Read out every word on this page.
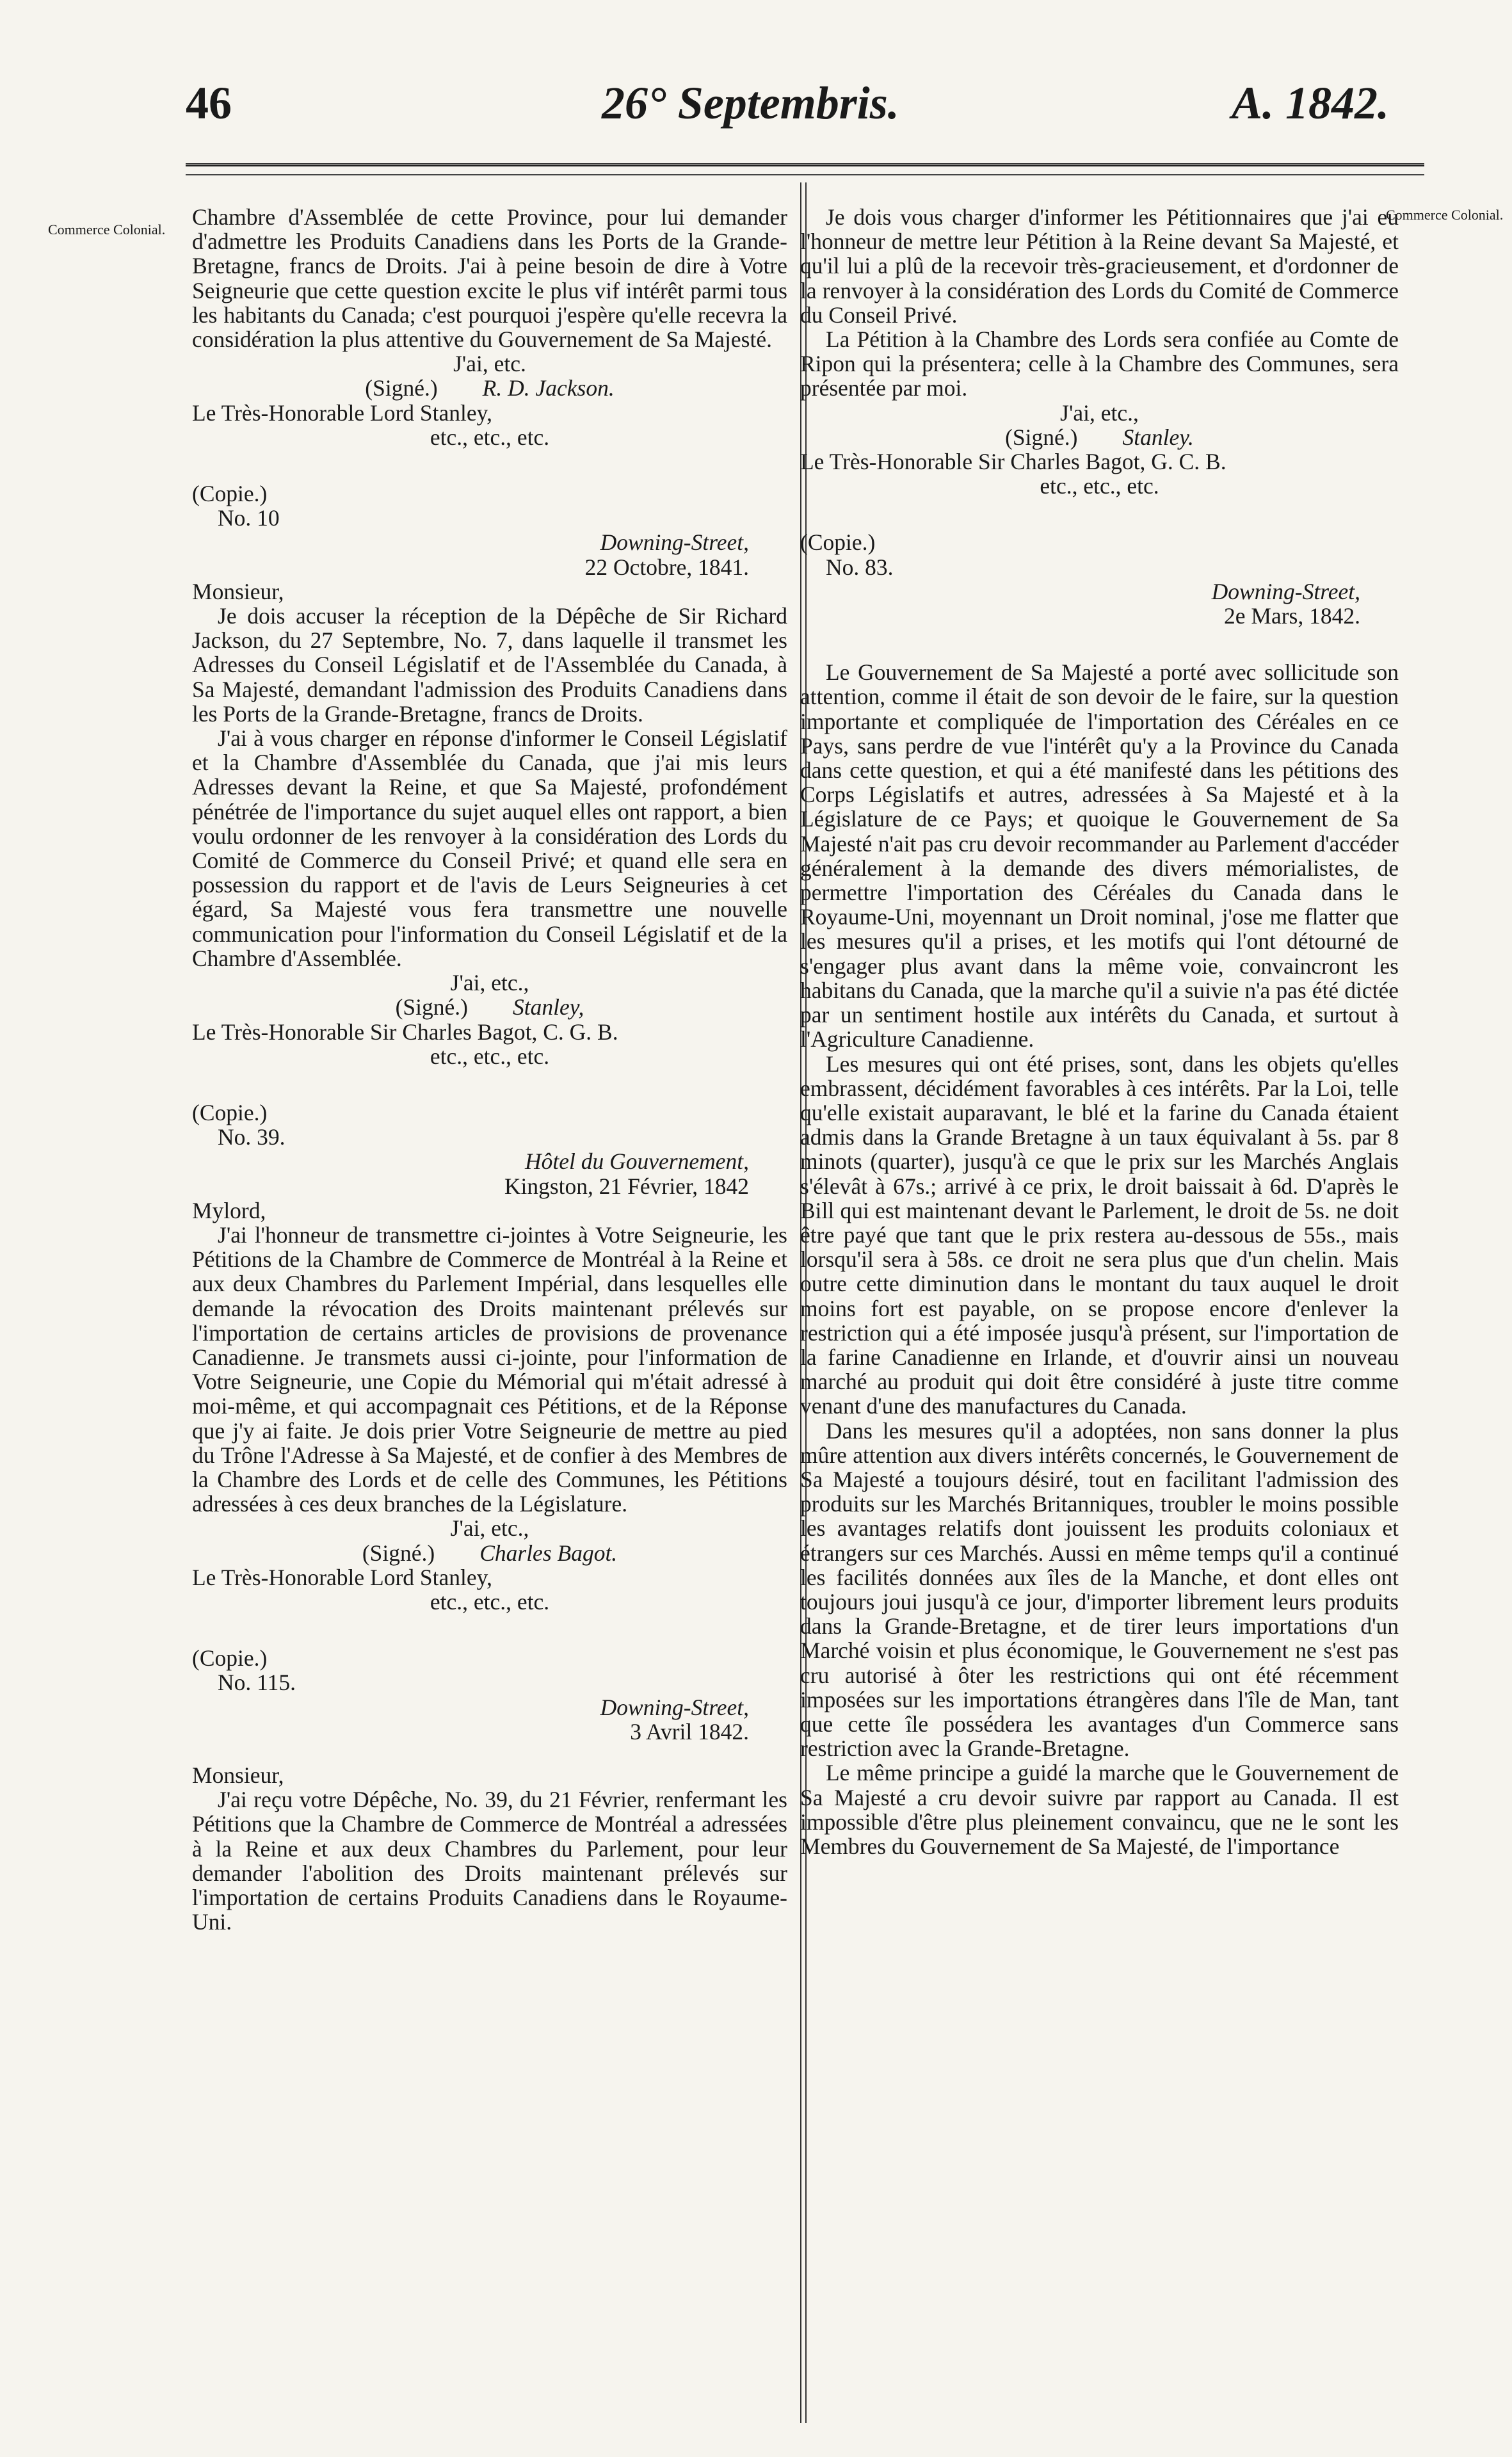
46	26° Septembris.	A. 1842.
Commerce Colonial.
Commerce Colonial.

Chambre d'Assemblée de cette Province, pour lui demander d'admettre les Produits Canadiens dans les Ports de la Grande-Bretagne, francs de Droits. J'ai à peine besoin de dire à Votre Seigneurie que cette question excite le plus vif intérêt parmi tous les habitants du Canada; c'est pourquoi j'espère qu'elle recevra la considération la plus attentive du Gouvernement de Sa Majesté.

J'ai, etc.

(Signé.) R. D. Jackson.

Le Très-Honorable Lord Stanley,

etc., etc., etc.

(Copie.)

No. 10

Downing-Street,

22 Octobre, 1841.

Monsieur,

Je dois accuser la réception de la Dépêche de Sir Richard Jackson, du 27 Septembre, No. 7, dans laquelle il transmet les Adresses du Conseil Législatif et de l'Assemblée du Canada, à Sa Majesté, demandant l'admission des Produits Canadiens dans les Ports de la Grande-Bretagne, francs de Droits.

J'ai à vous charger en réponse d'informer le Conseil Législatif et la Chambre d'Assemblée du Canada, que j'ai mis leurs Adresses devant la Reine, et que Sa Majesté, profondément pénétrée de l'importance du sujet auquel elles ont rapport, a bien voulu ordonner de les renvoyer à la considération des Lords du Comité de Commerce du Conseil Privé; et quand elle sera en possession du rapport et de l'avis de Leurs Seigneuries à cet égard, Sa Majesté vous fera transmettre une nouvelle communication pour l'information du Conseil Législatif et de la Chambre d'Assemblée.

J'ai, etc.,

(Signé.) Stanley,

Le Très-Honorable Sir Charles Bagot, C. G. B.

etc., etc., etc.

(Copie.)

No. 39.

Hôtel du Gouvernement,

Kingston, 21 Février, 1842

Mylord,

J'ai l'honneur de transmettre ci-jointes à Votre Seigneurie, les Pétitions de la Chambre de Commerce de Montréal à la Reine et aux deux Chambres du Parlement Impérial, dans lesquelles elle demande la révocation des Droits maintenant prélevés sur l'importation de certains articles de provisions de provenance Canadienne. Je transmets aussi ci-jointe, pour l'information de Votre Seigneurie, une Copie du Mémorial qui m'était adressé à moi-même, et qui accompagnait ces Pétitions, et de la Réponse que j'y ai faite. Je dois prier Votre Seigneurie de mettre au pied du Trône l'Adresse à Sa Majesté, et de confier à des Membres de la Chambre des Lords et de celle des Communes, les Pétitions adressées à ces deux branches de la Législature.

J'ai, etc.,

(Signé.) Charles Bagot.

Le Très-Honorable Lord Stanley,

etc., etc., etc.

(Copie.)

No. 115.

Downing-Street,

3 Avril 1842.

Monsieur,

J'ai reçu votre Dépêche, No. 39, du 21 Février, renfermant les Pétitions que la Chambre de Commerce de Montréal a adressées à la Reine et aux deux Chambres du Parlement, pour leur demander l'abolition des Droits maintenant prélevés sur l'importation de certains Produits Canadiens dans le Royaume-Uni.

Je dois vous charger d'informer les Pétitionnaires que j'ai eu l'honneur de mettre leur Pétition à la Reine devant Sa Majesté, et qu'il lui a plû de la recevoir très-gracieusement, et d'ordonner de la renvoyer à la considération des Lords du Comité de Commerce du Conseil Privé.

La Pétition à la Chambre des Lords sera confiée au Comte de Ripon qui la présentera; celle à la Chambre des Communes, sera présentée par moi.

J'ai, etc.,

(Signé.) Stanley.

Le Très-Honorable Sir Charles Bagot, G. C. B.

etc., etc., etc.

(Copie.)

No. 83.

Downing-Street,

2e Mars, 1842.

Le Gouvernement de Sa Majesté a porté avec sollicitude son attention, comme il était de son devoir de le faire, sur la question importante et compliquée de l'importation des Céréales en ce Pays, sans perdre de vue l'intérêt qu'y a la Province du Canada dans cette question, et qui a été manifesté dans les pétitions des Corps Législatifs et autres, adressées à Sa Majesté et à la Législature de ce Pays; et quoique le Gouvernement de Sa Majesté n'ait pas cru devoir recommander au Parlement d'accéder généralement à la demande des divers mémorialistes, de permettre l'importation des Céréales du Canada dans le Royaume-Uni, moyennant un Droit nominal, j'ose me flatter que les mesures qu'il a prises, et les motifs qui l'ont détourné de s'engager plus avant dans la même voie, convaincront les habitans du Canada, que la marche qu'il a suivie n'a pas été dictée par un sentiment hostile aux intérêts du Canada, et surtout à l'Agriculture Canadienne.

Les mesures qui ont été prises, sont, dans les objets qu'elles embrassent, décidément favorables à ces intérêts. Par la Loi, telle qu'elle existait auparavant, le blé et la farine du Canada étaient admis dans la Grande Bretagne à un taux équivalant à 5s. par 8 minots (quarter), jusqu'à ce que le prix sur les Marchés Anglais s'élevât à 67s.; arrivé à ce prix, le droit baissait à 6d. D'après le Bill qui est maintenant devant le Parlement, le droit de 5s. ne doit être payé que tant que le prix restera au-dessous de 55s., mais lorsqu'il sera à 58s. ce droit ne sera plus que d'un chelin. Mais outre cette diminution dans le montant du taux auquel le droit moins fort est payable, on se propose encore d'enlever la restriction qui a été imposée jusqu'à présent, sur l'importation de la farine Canadienne en Irlande, et d'ouvrir ainsi un nouveau marché au produit qui doit être considéré à juste titre comme venant d'une des manufactures du Canada.

Dans les mesures qu'il a adoptées, non sans donner la plus mûre attention aux divers intérêts concernés, le Gouvernement de Sa Majesté a toujours désiré, tout en facilitant l'admission des produits sur les Marchés Britanniques, troubler le moins possible les avantages relatifs dont jouissent les produits coloniaux et étrangers sur ces Marchés. Aussi en même temps qu'il a continué les facilités données aux îles de la Manche, et dont elles ont toujours joui jusqu'à ce jour, d'importer librement leurs produits dans la Grande-Bretagne, et de tirer leurs importations d'un Marché voisin et plus économique, le Gouvernement ne s'est pas cru autorisé à ôter les restrictions qui ont été récemment imposées sur les importations étrangères dans l'île de Man, tant que cette île possédera les avantages d'un Commerce sans restriction avec la Grande-Bretagne.

Le même principe a guidé la marche que le Gouvernement de Sa Majesté a cru devoir suivre par rapport au Canada. Il est impossible d'être plus pleinement convaincu, que ne le sont les Membres du Gouvernement de Sa Majesté, de l'importance
